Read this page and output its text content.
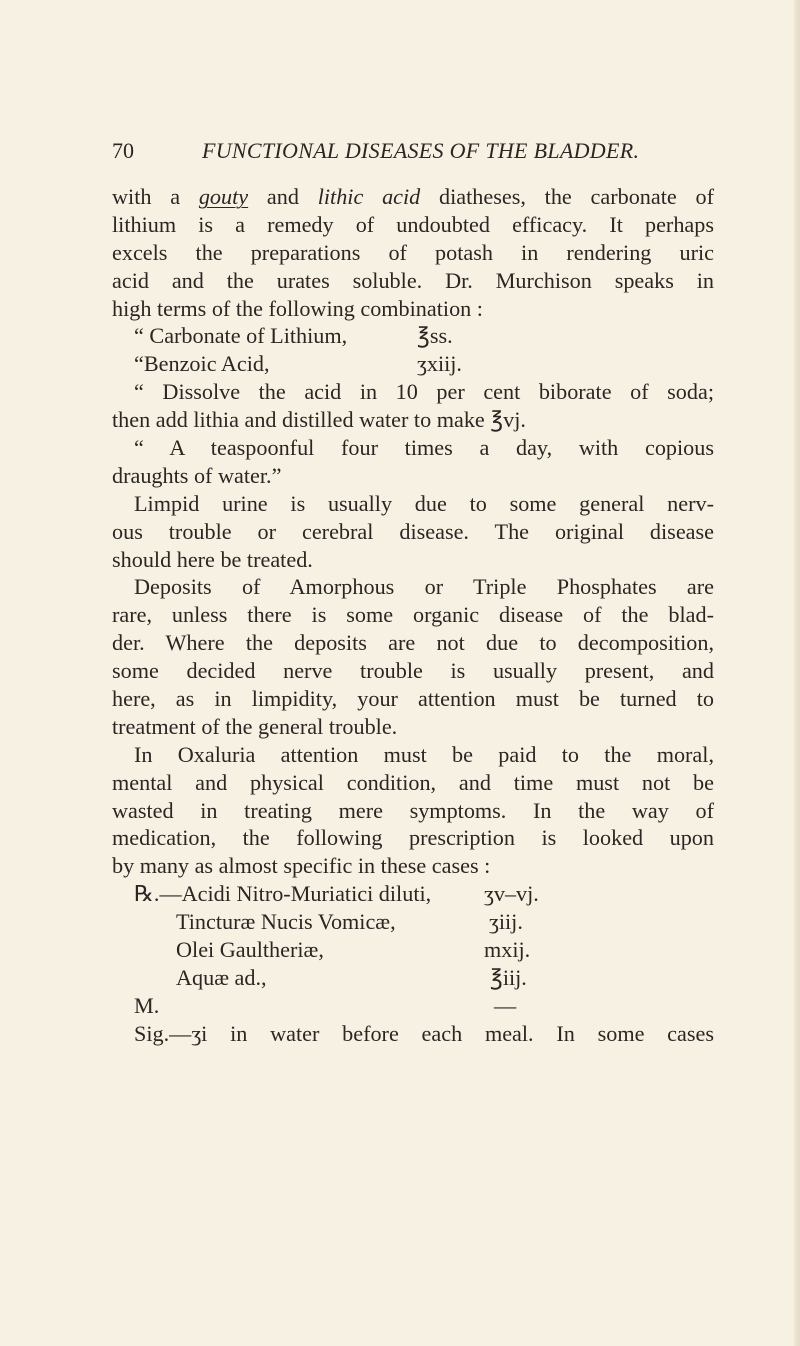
70	FUNCTIONAL DISEASES OF THE BLADDER.
with a gouty and lithic acid diatheses, the carbonate of
lithium is a remedy of undoubted efficacy. It perhaps
excels the preparations of potash in rendering uric
acid and the urates soluble. Dr. Murchison speaks in
high terms of the following combination :
“ Carbonate of Lithium,	℥ss.
“Benzoic Acid,	ʒxiij.
“ Dissolve the acid in 10 per cent biborate of soda;
then add lithia and distilled water to make ℥vj.
“ A teaspoonful four times a day, with copious
draughts of water.”
Limpid urine is usually due to some general nerv-
ous trouble or cerebral disease. The original disease
should here be treated.
Deposits of Amorphous or Triple Phosphates are
rare, unless there is some organic disease of the blad-
der. Where the deposits are not due to decomposition,
some decided nerve trouble is usually present, and
here, as in limpidity, your attention must be turned to
treatment of the general trouble.
In Oxaluria attention must be paid to the moral,
mental and physical condition, and time must not be
wasted in treating mere symptoms. In the way of
medication, the following prescription is looked upon
by many as almost specific in these cases :
℞.—Acidi Nitro-Muriatici diluti, ʒv–vj.
Tincturæ Nucis Vomicæ,	ʒiij.
Olei Gaultheriæ,	mxij.
Aquæ ad.,	℥iij.
M.	—
Sig.—ʒi in water before each meal. In some cases
